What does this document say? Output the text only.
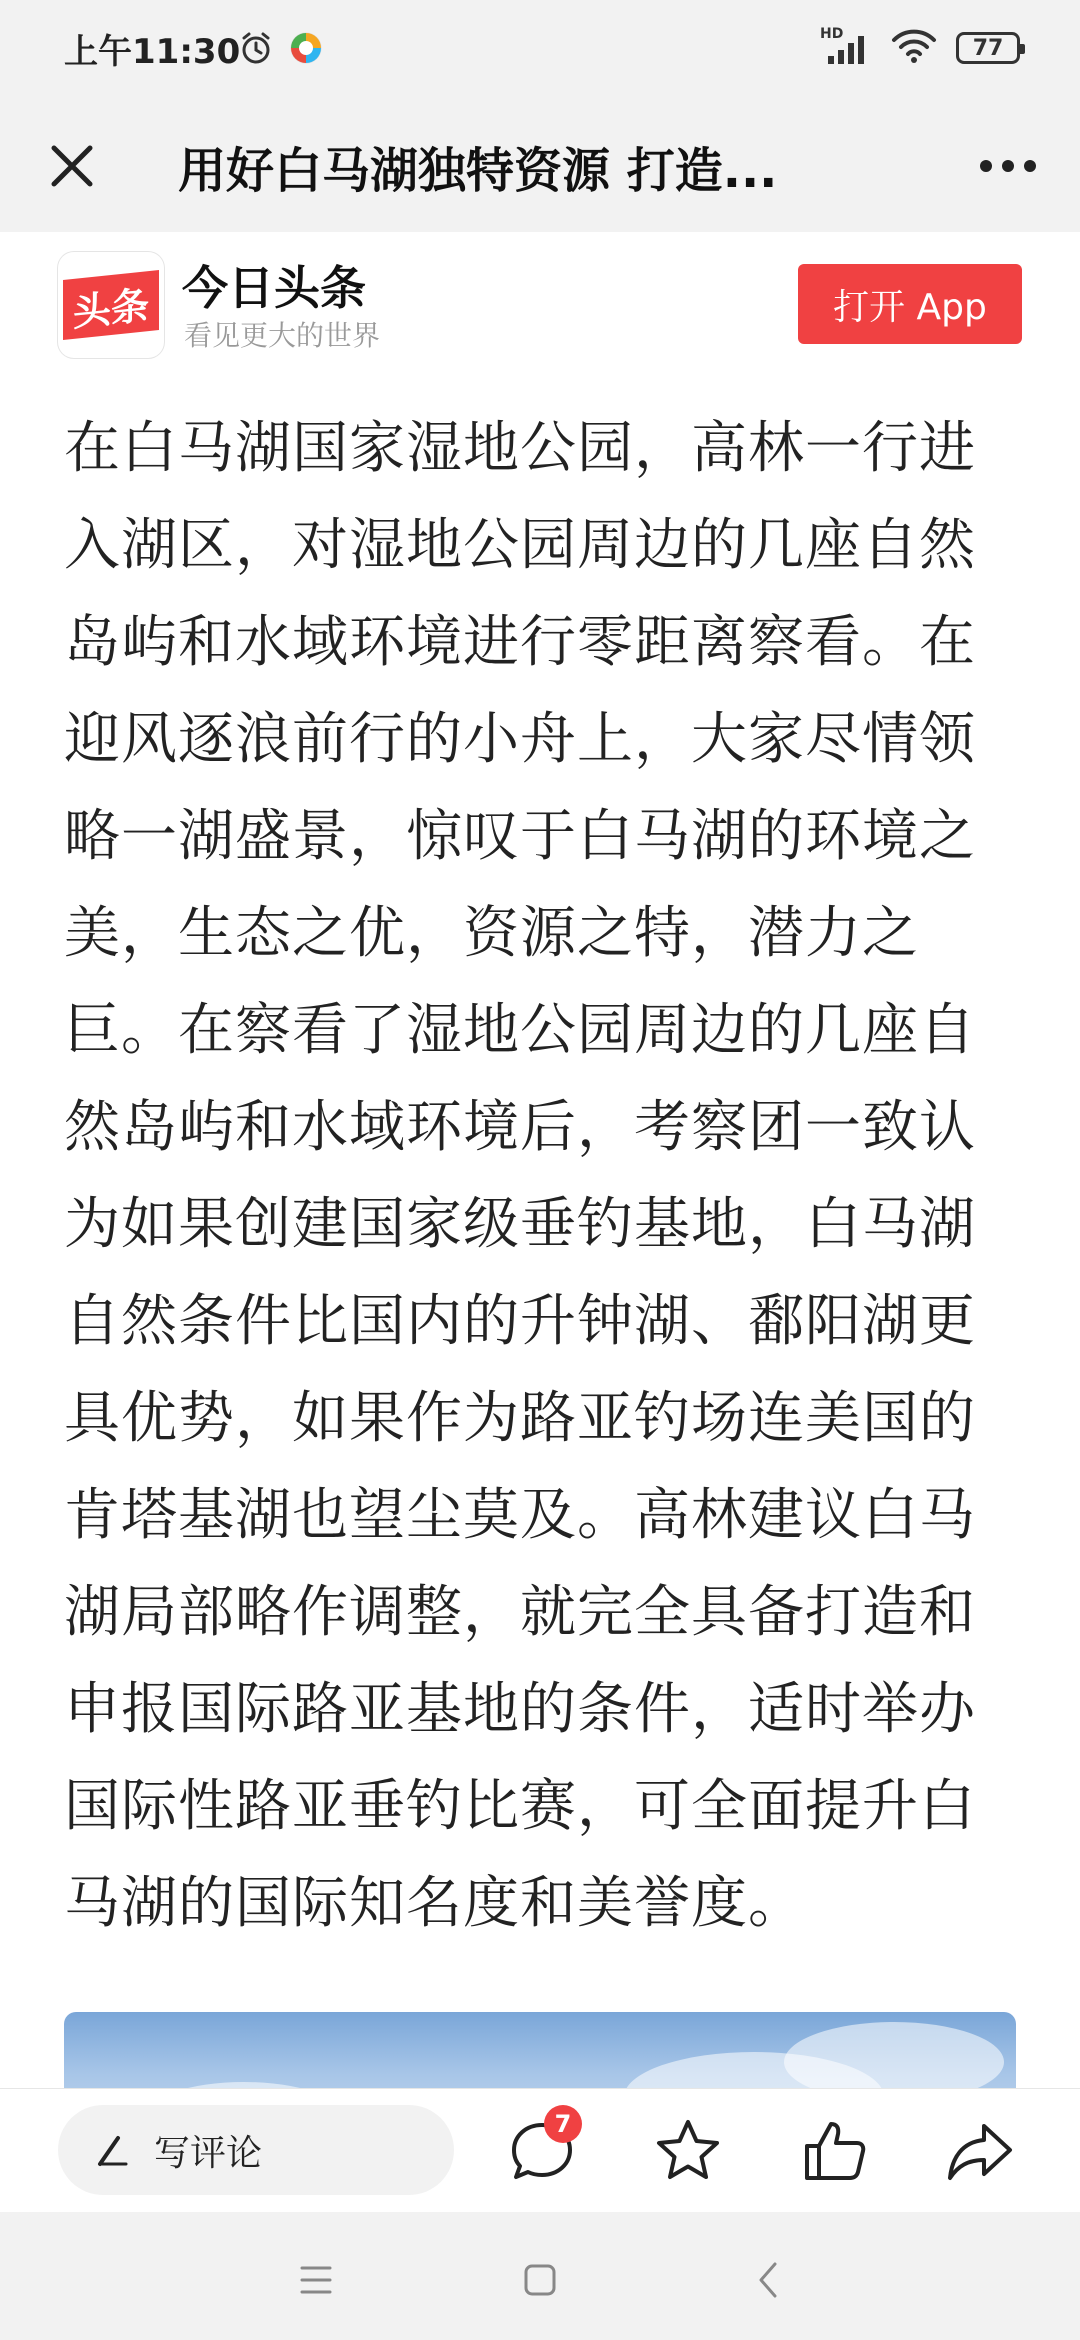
上午11:30	HD
77
用好白马湖独特资源 打造...
头条 今日头条
看见更大的世界
打开 App
在白马湖国家湿地公园，高林一行进
入湖区，对湿地公园周边的几座自然
岛屿和水域环境进行零距离察看。在
迎风逐浪前行的小舟上，大家尽情领
略一湖盛景，惊叹于白马湖的环境之
美，生态之优，资源之特，潜力之
巨。在察看了湿地公园周边的几座自
然岛屿和水域环境后，考察团一致认
为如果创建国家级垂钓基地，白马湖
自然条件比国内的升钟湖、鄱阳湖更
具优势，如果作为路亚钓场连美国的
肯塔基湖也望尘莫及。高林建议白马
湖局部略作调整，就完全具备打造和
申报国际路亚基地的条件，适时举办
国际性路亚垂钓比赛，可全面提升白
马湖的国际知名度和美誉度。
写评论
7
